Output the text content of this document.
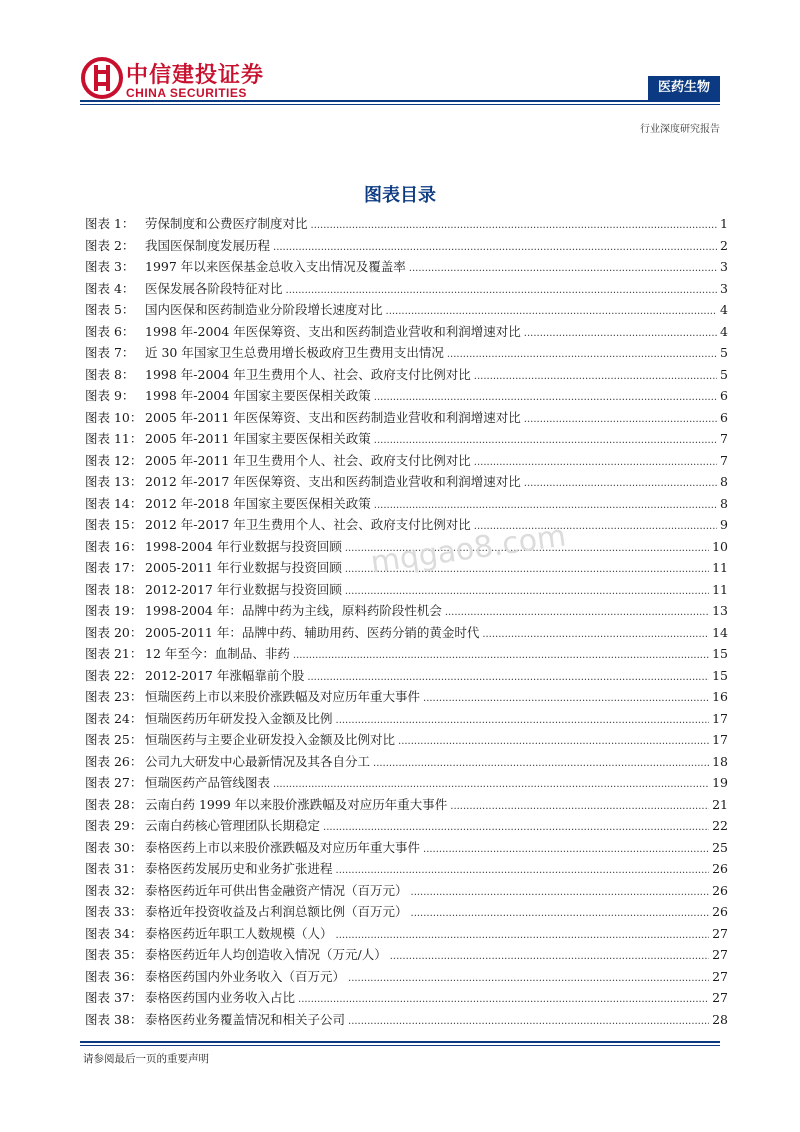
中信建投证券
CHINA SECURITIES	医药生物
行业深度研究报告
图表目录
图表 1： 劳保制度和公费医疗制度对比 .....	1
图表 2： 我国医保制度发展历程 .....	2
图表 3： 1997 年以来医保基金总收入支出情况及覆盖率 .....	3
图表 4： 医保发展各阶段特征对比 .....	3
图表 5： 国内医保和医药制造业分阶段增长速度对比 .....	4
图表 6： 1998 年-2004 年医保筹资、支出和医药制造业营收和利润增速对比 .....	4
图表 7： 近 30 年国家卫生总费用增长极政府卫生费用支出情况 .....	5
图表 8： 1998 年-2004 年卫生费用个人、社会、政府支付比例对比 .....	5
图表 9： 1998 年-2004 年国家主要医保相关政策 .....	6
图表 10： 2005 年-2011 年医保筹资、支出和医药制造业营收和利润增速对比 .....	6
图表 11： 2005 年-2011 年国家主要医保相关政策 .....	7
图表 12： 2005 年-2011 年卫生费用个人、社会、政府支付比例对比 .....	7
图表 13： 2012 年-2017 年医保筹资、支出和医药制造业营收和利润增速对比 .....	8
图表 14： 2012 年-2018 年国家主要医保相关政策 .....	8
图表 15： 2012 年-2017 年卫生费用个人、社会、政府支付比例对比 .....	9
图表 16： 1998-2004 年行业数据与投资回顾 .....	10
图表 17： 2005-2011 年行业数据与投资回顾 .....	11
图表 18： 2012-2017 年行业数据与投资回顾 .....	11
图表 19： 1998-2004 年：品牌中药为主线，原料药阶段性机会 .....	13
图表 20： 2005-2011 年：品牌中药、辅助用药、医药分销的黄金时代 .....	14
图表 21： 12 年至今：血制品、非药 .....	15
图表 22： 2012-2017 年涨幅靠前个股 .....	15
图表 23： 恒瑞医药上市以来股价涨跌幅及对应历年重大事件 .....	16
图表 24： 恒瑞医药历年研发投入金额及比例 .....	17
图表 25： 恒瑞医药与主要企业研发投入金额及比例对比 .....	17
图表 26： 公司九大研发中心最新情况及其各自分工 .....	18
图表 27： 恒瑞医药产品管线图表 .....	19
图表 28： 云南白药 1999 年以来股价涨跌幅及对应历年重大事件 .....	21
图表 29： 云南白药核心管理团队长期稳定 .....	22
图表 30： 泰格医药上市以来股价涨跌幅及对应历年重大事件 .....	25
图表 31： 泰格医药发展历史和业务扩张进程 .....	26
图表 32： 泰格医药近年可供出售金融资产情况（百万元） .....	26
图表 33： 泰格近年投资收益及占利润总额比例（百万元） .....	26
图表 34： 泰格医药近年职工人数规模（人） .....	27
图表 35： 泰格医药近年人均创造收入情况（万元/人） .....	27
图表 36： 泰格医药国内外业务收入（百万元） .....	27
图表 37： 泰格医药国内业务收入占比 .....	27
图表 38： 泰格医药业务覆盖情况和相关子公司 .....	28
mqgao8.com
请参阅最后一页的重要声明
